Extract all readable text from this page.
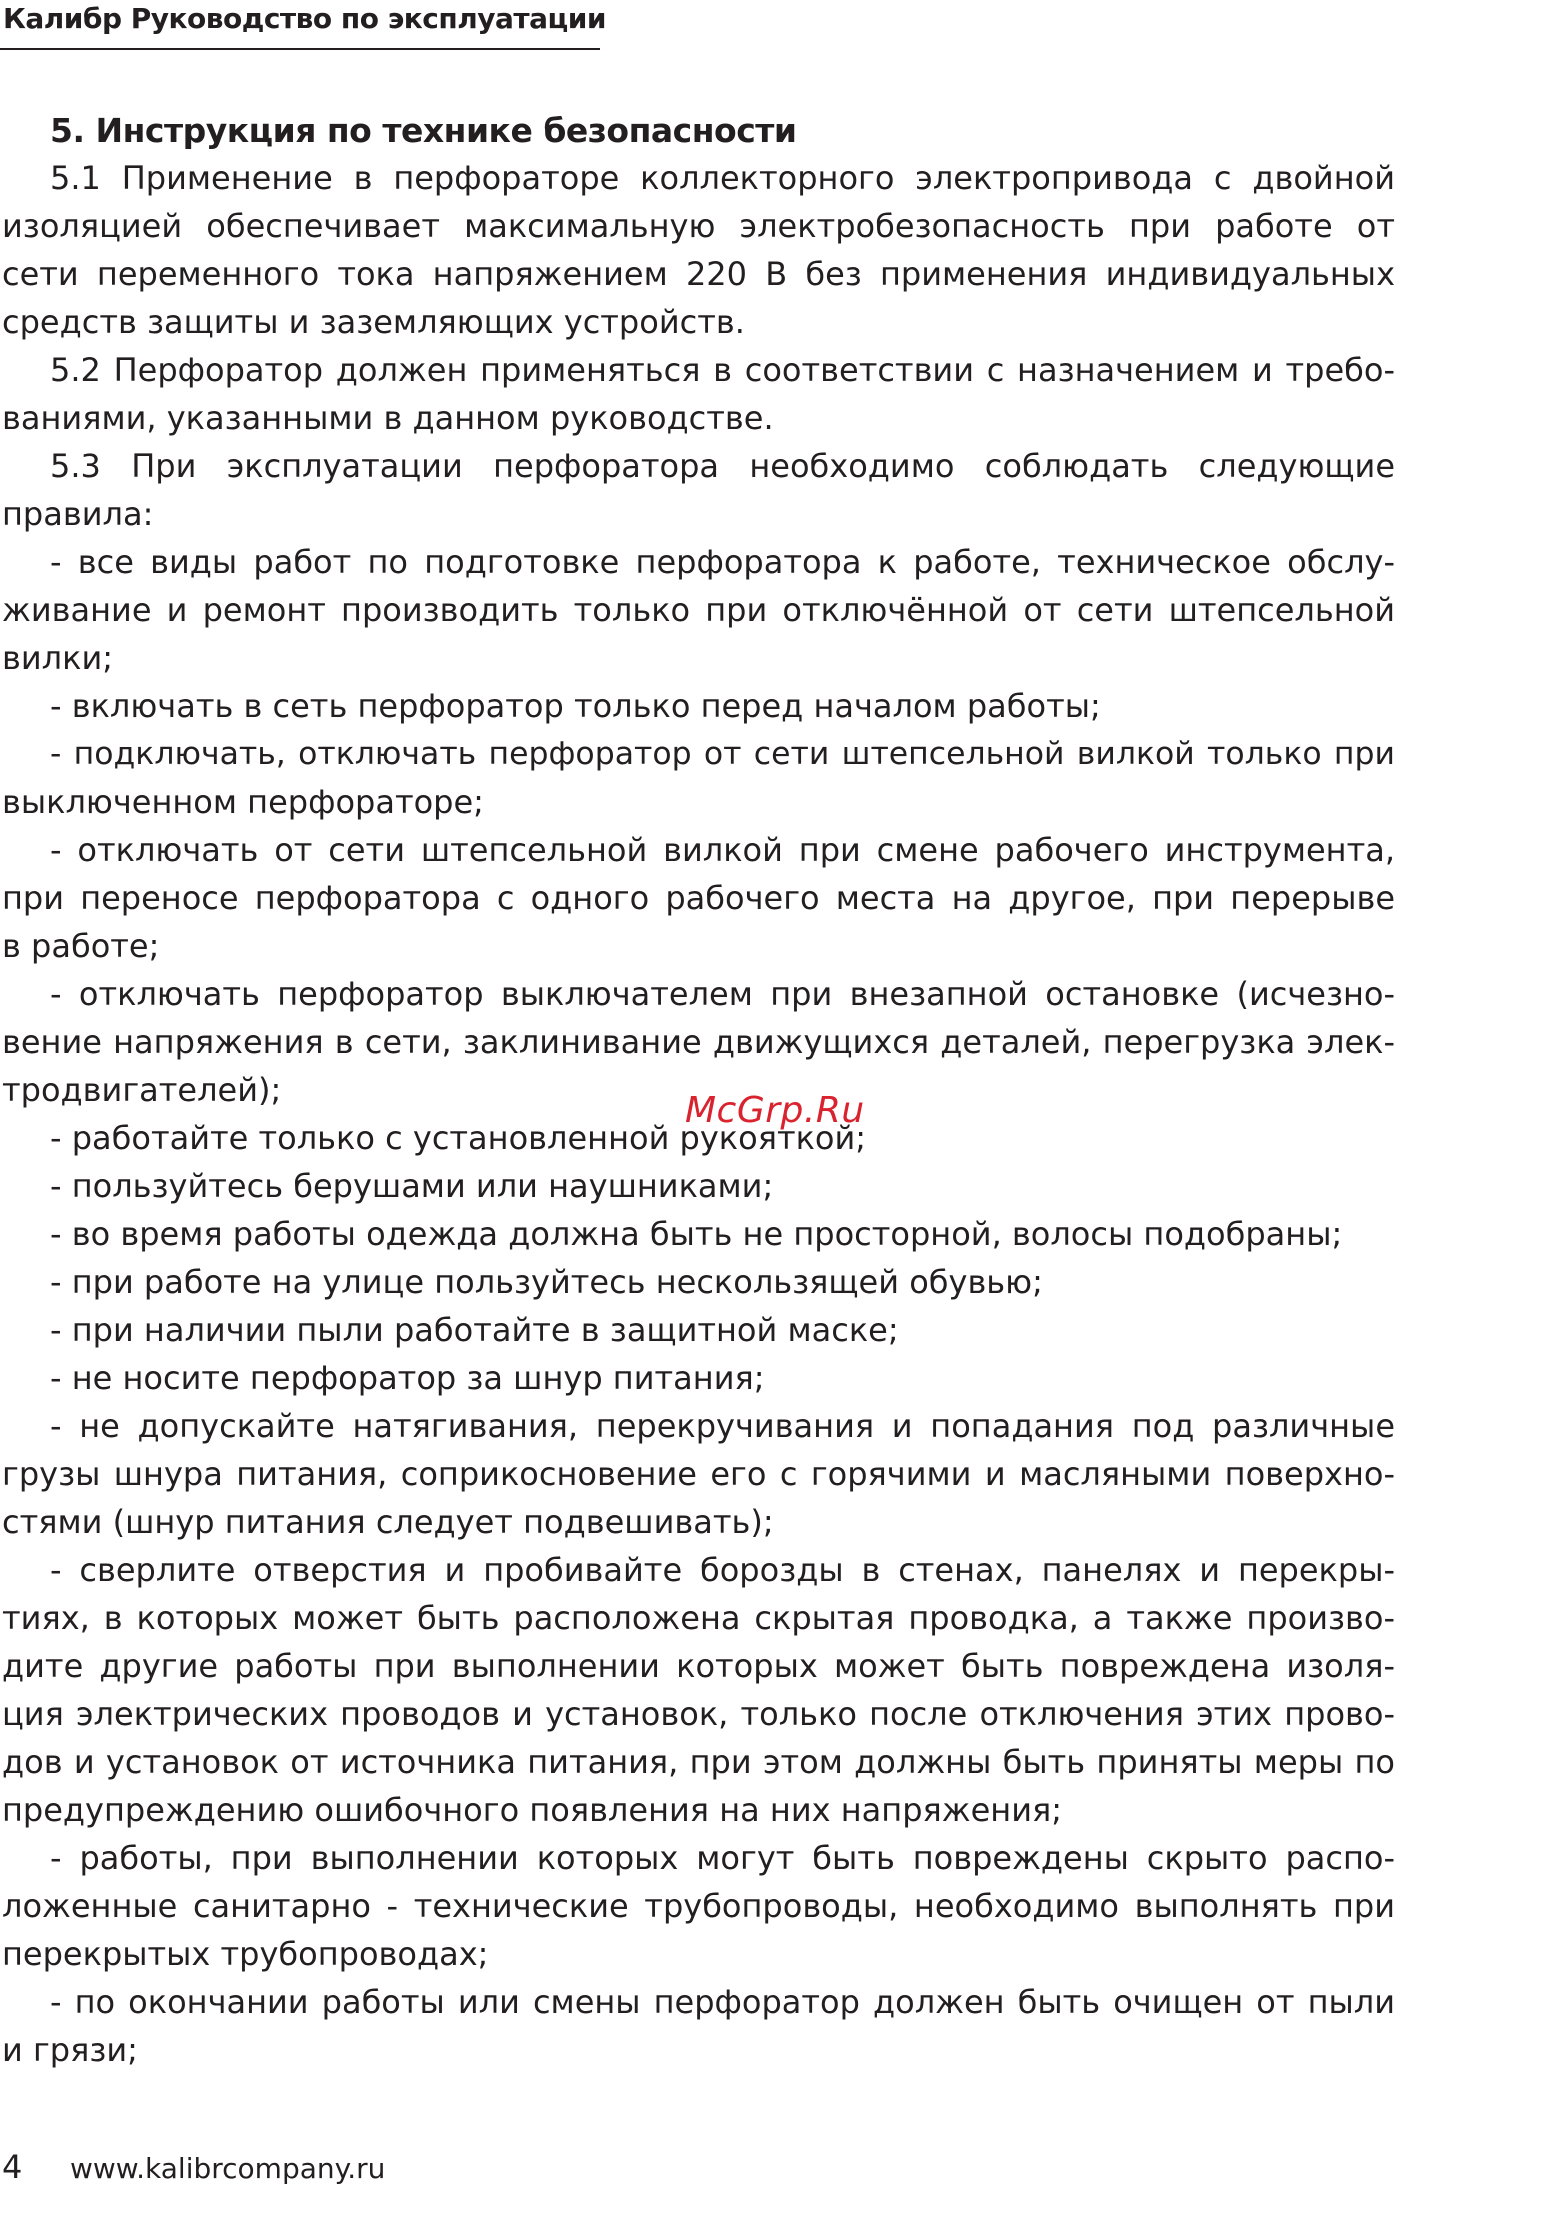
Калибр Руководство по эксплуатации
5. Инструкция по технике безопасности
5.1 Применение в перфораторе коллекторного электропривода с двойной
изоляцией обеспечивает максимальную электробезопасность при работе от
сети переменного тока напряжением 220 В без применения индивидуальных
средств защиты и заземляющих устройств.
5.2 Перфоратор должен применяться в соответствии с назначением и требо-
ваниями, указанными в данном руководстве.
5.3 При эксплуатации перфоратора необходимо соблюдать следующие
правила:
- все виды работ по подготовке перфоратора к работе, техническое обслу-
живание и ремонт производить только при отключённой от сети штепсельной
вилки;
- включать в сеть перфоратор только перед началом работы;
- подключать, отключать перфоратор от сети штепсельной вилкой только при
выключенном перфораторе;
- отключать от сети штепсельной вилкой при смене рабочего инструмента,
при переносе перфоратора с одного рабочего места на другое, при перерыве
в работе;
- отключать перфоратор выключателем при внезапной остановке (исчезно-
вение напряжения в сети, заклинивание движущихся деталей, перегрузка элек-
тродвигателей);
- работайте только с установленной рукояткой;
- пользуйтесь берушами или наушниками;
- во время работы одежда должна быть не просторной, волосы подобраны;
- при работе на улице пользуйтесь нескользящей обувью;
- при наличии пыли работайте в защитной маске;
- не носите перфоратор за шнур питания;
- не допускайте натягивания, перекручивания и попадания под различные
грузы шнура питания, соприкосновение его с горячими и масляными поверхно-
стями (шнур питания следует подвешивать);
- сверлите отверстия и пробивайте борозды в стенах, панелях и перекры-
тиях, в которых может быть расположена скрытая проводка, а также произво-
дите другие работы при выполнении которых может быть повреждена изоля-
ция электрических проводов и установок, только после отключения этих прово-
дов и установок от источника питания, при этом должны быть приняты меры по
предупреждению ошибочного появления на них напряжения;
- работы, при выполнении которых могут быть повреждены скрыто распо-
ложенные санитарно - технические трубопроводы, необходимо выполнять при
перекрытых трубопроводах;
- по окончании работы или смены перфоратор должен быть очищен от пыли
и грязи;
McGrp.Ru
4 www.kalibrcompany.ru
